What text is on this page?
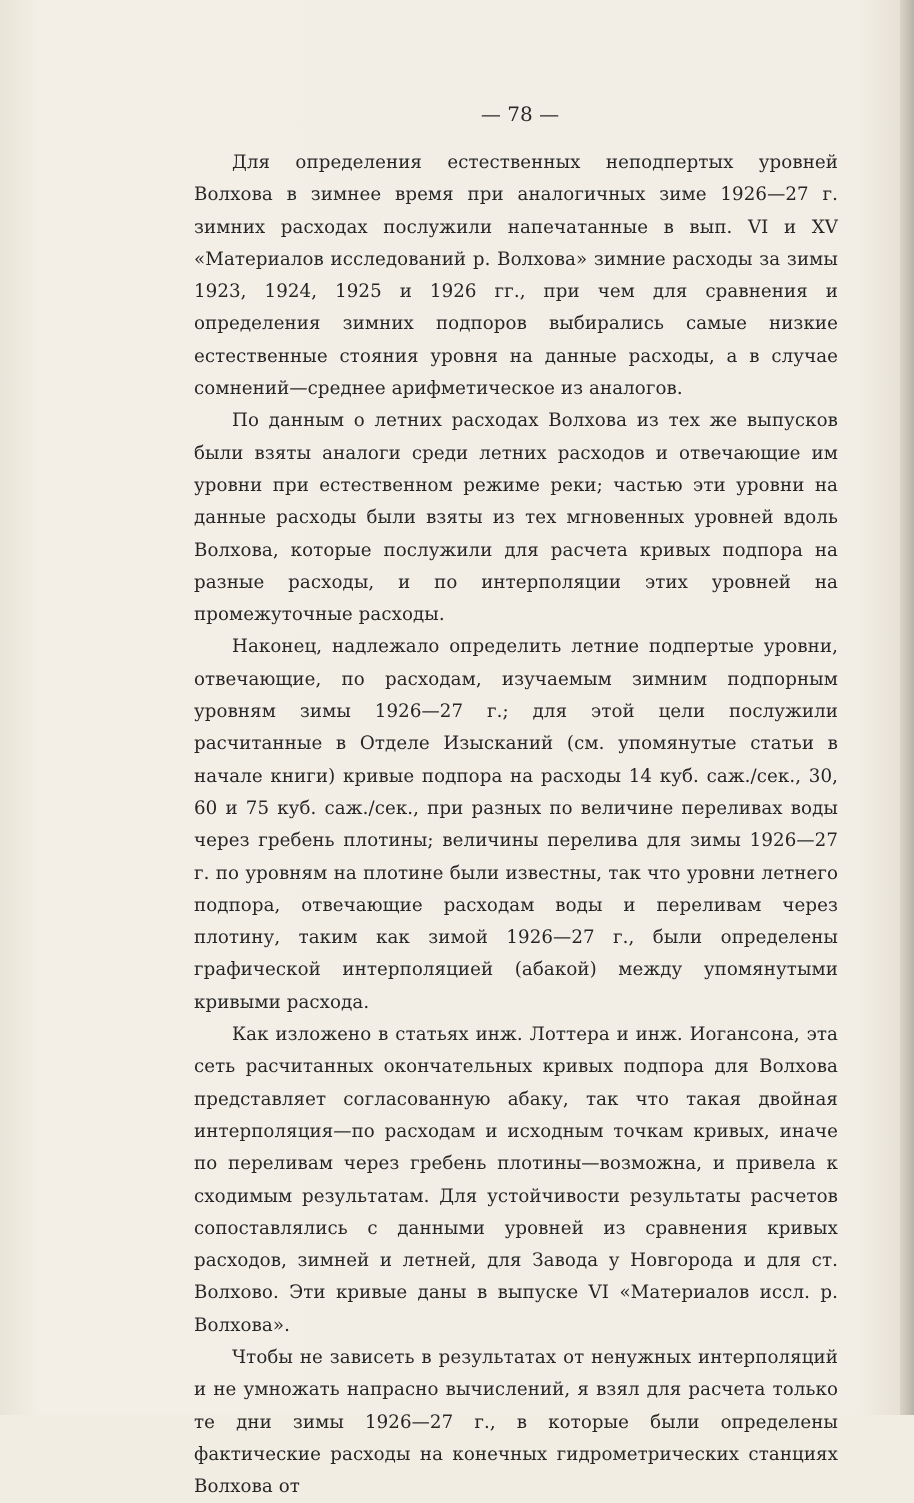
— 78 —

Для определения естественных неподпертых уровней Волхова в зимнее время при аналогичных зиме 1926—27 г. зимних расходах послужили напечатанные в вып. VI и XV «Материалов исследований р. Волхова» зимние расходы за зимы 1923, 1924, 1925 и 1926 гг., при чем для сравнения и определения зимних подпоров выбирались самые низкие естественные стояния уровня на данные расходы, а в случае сомнений—среднее арифметическое из аналогов.

По данным о летних расходах Волхова из тех же выпусков были взяты аналоги среди летних расходов и отвечающие им уровни при естественном режиме реки; частью эти уровни на данные расходы были взяты из тех мгновенных уровней вдоль Волхова, которые послужили для расчета кривых подпора на разные расходы, и по интерполяции этих уровней на промежуточные расходы.

Наконец, надлежало определить летние подпертые уровни, отвечающие, по расходам, изучаемым зимним подпорным уровням зимы 1926—27 г.; для этой цели послужили расчитанные в Отделе Изысканий (см. упомянутые статьи в начале книги) кривые подпора на расходы 14 куб. саж./сек., 30, 60 и 75 куб. саж./сек., при разных по величине переливах воды через гребень плотины; величины перелива для зимы 1926—27 г. по уровням на плотине были известны, так что уровни летнего подпора, отвечающие расходам воды и переливам через плотину, таким как зимой 1926—27 г., были определены графической интерполяцией (абакой) между упомянутыми кривыми расхода.

Как изложено в статьях инж. Лоттера и инж. Иогансона, эта сеть расчитанных окончательных кривых подпора для Волхова представляет согласованную абаку, так что такая двойная интерполяция—по расходам и исходным точкам кривых, иначе по переливам через гребень плотины—возможна, и привела к сходимым результатам. Для устойчивости результаты расчетов сопоставлялись с данными уровней из сравнения кривых расходов, зимней и летней, для Завода у Новгорода и для ст. Волхово. Эти кривые даны в выпуске VI «Материалов иссл. р. Волхова».

Чтобы не зависеть в результатах от ненужных интерполяций и не умножать напрасно вычислений, я взял для расчета только те дни зимы 1926—27 г., в которые были определены фактические расходы на конечных гидрометрических станциях Волхова от
